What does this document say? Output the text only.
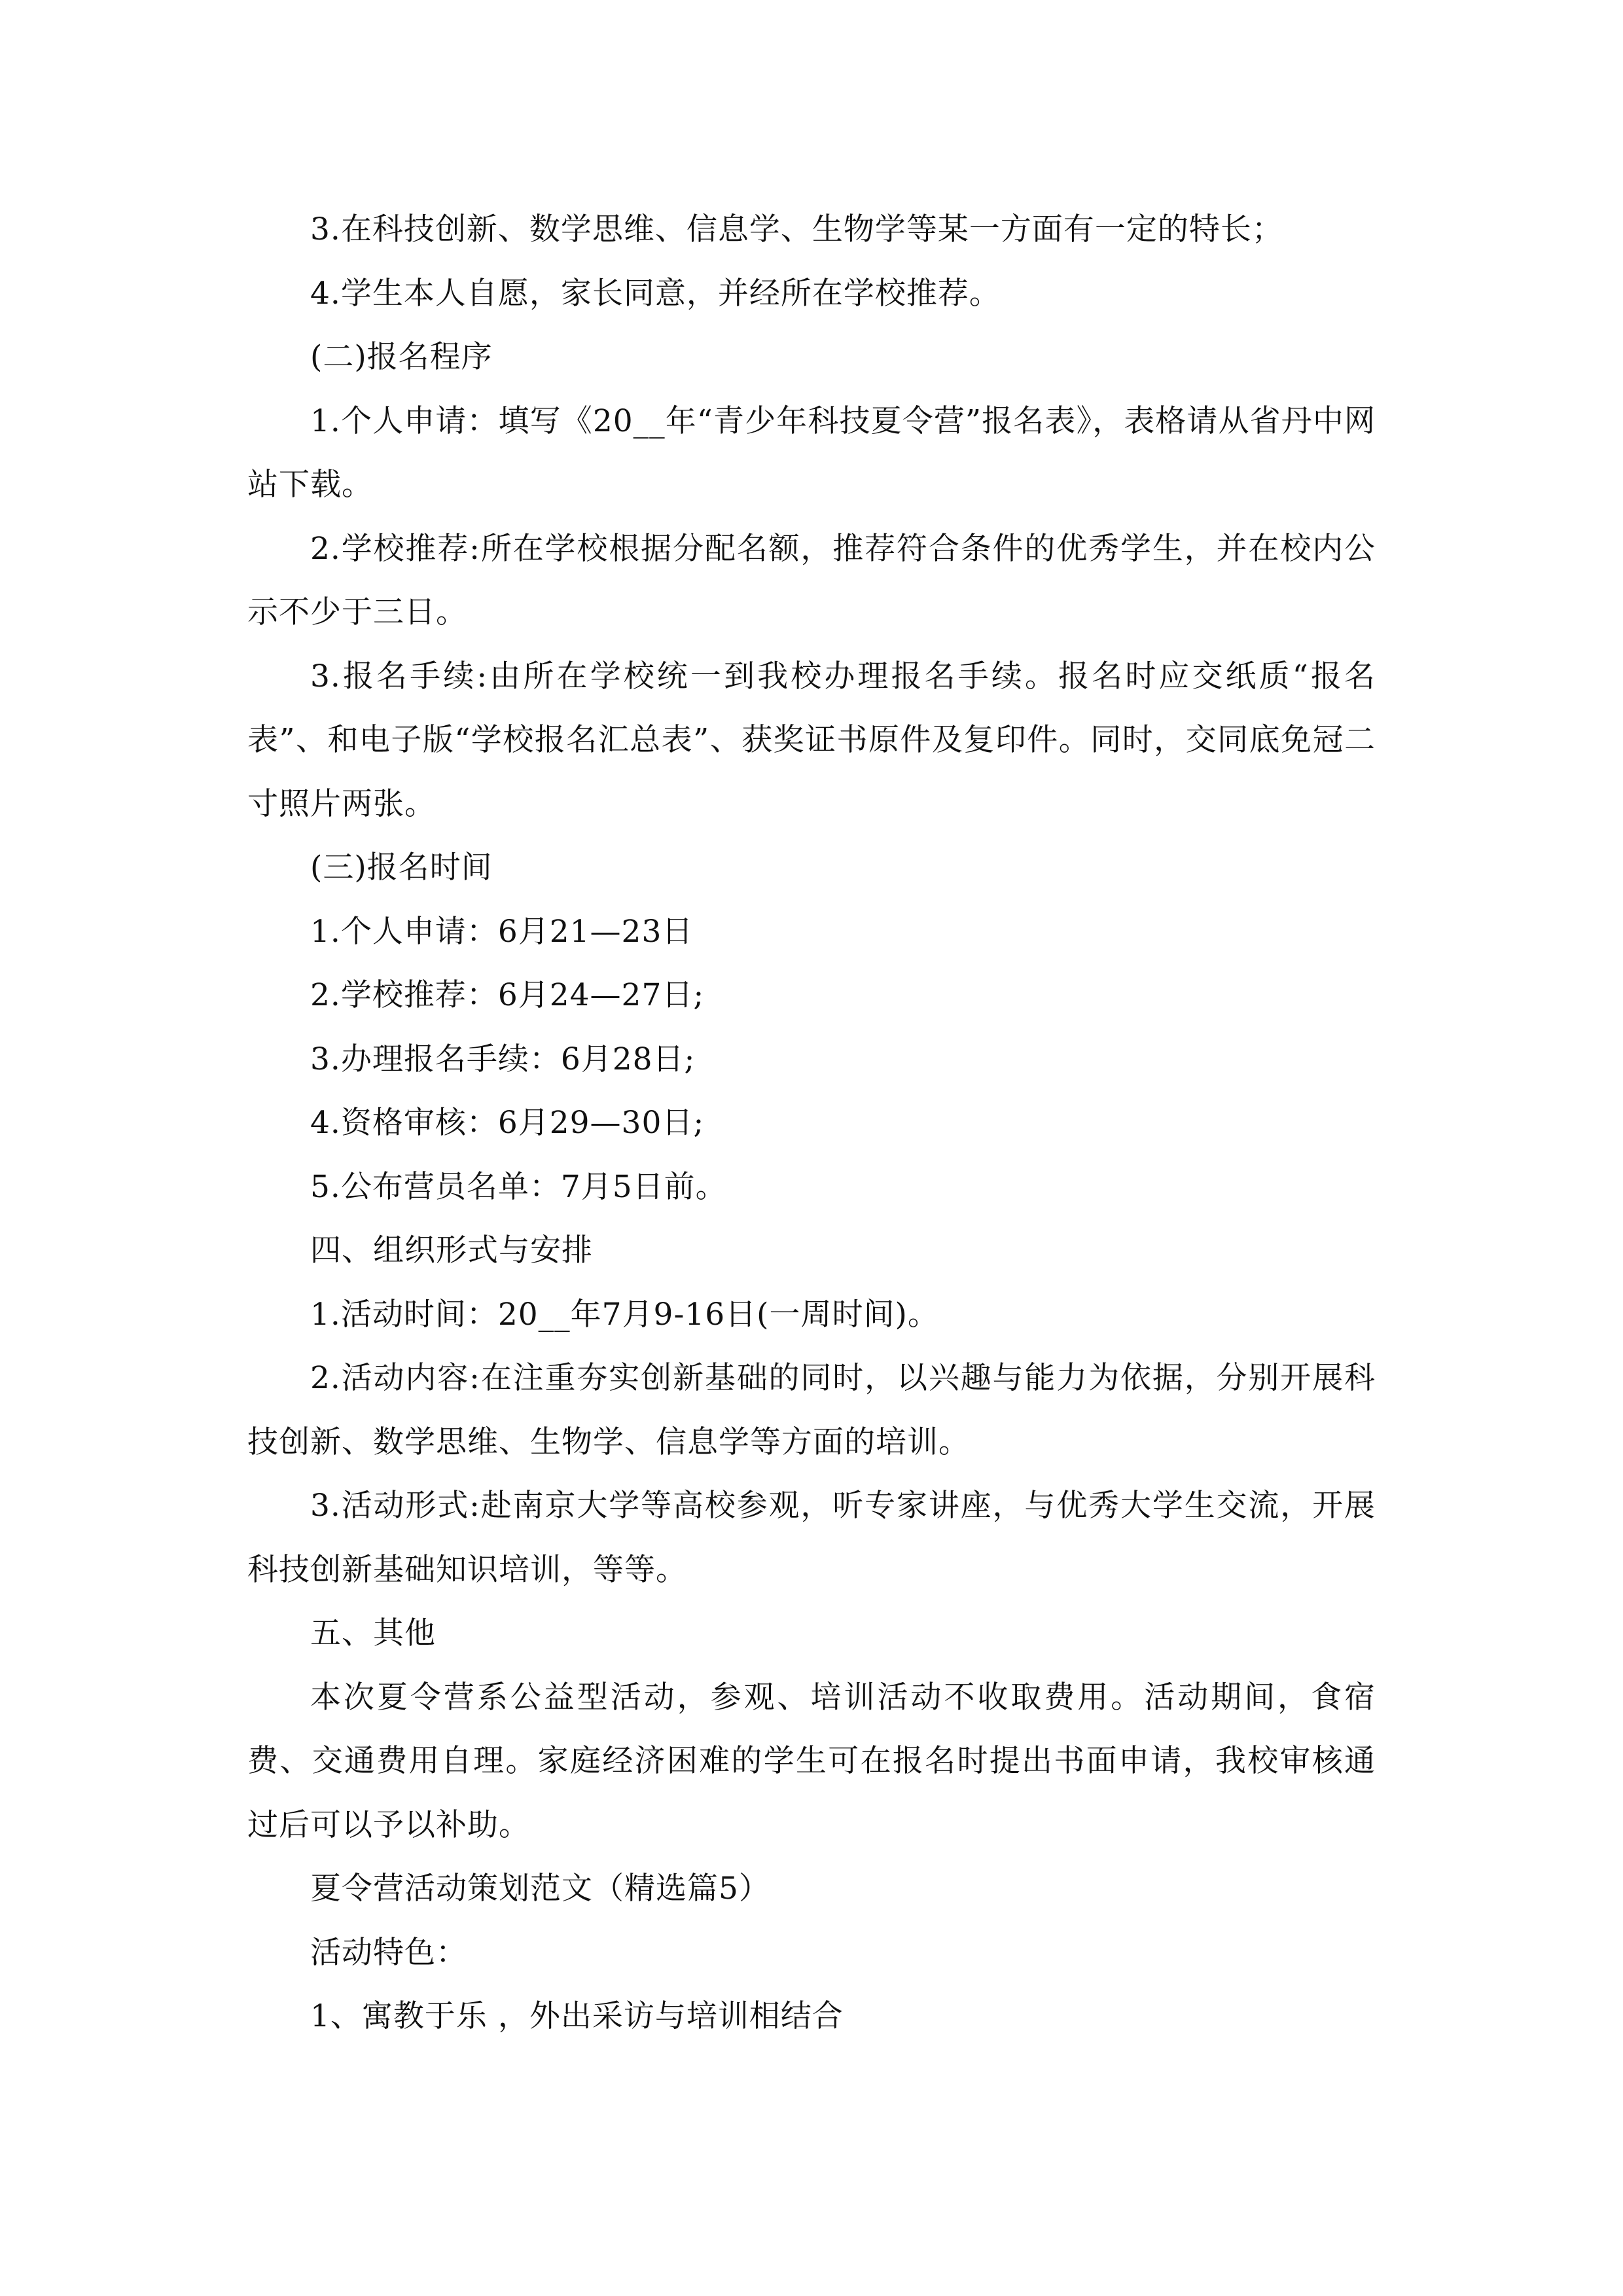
3.在科技创新、数学思维、信息学、生物学等某一方面有一定的特长；

4.学生本人自愿，家长同意，并经所在学校推荐。

(二)报名程序

1.个人申请：填写《20__年“青少年科技夏令营”报名表》，表格请从省丹中网站下载。

2.学校推荐:所在学校根据分配名额，推荐符合条件的优秀学生，并在校内公示不少于三日。

3.报名手续:由所在学校统一到我校办理报名手续。报名时应交纸质“报名表”、和电子版“学校报名汇总表”、获奖证书原件及复印件。同时，交同底免冠二寸照片两张。

(三)报名时间

1.个人申请：6月21—23日

2.学校推荐：6月24—27日;

3.办理报名手续：6月28日;

4.资格审核：6月29—30日;

5.公布营员名单：7月5日前。

四、组织形式与安排

1.活动时间：20__年7月9-16日(一周时间)。

2.活动内容:在注重夯实创新基础的同时，以兴趣与能力为依据，分别开展科技创新、数学思维、生物学、信息学等方面的培训。

3.活动形式:赴南京大学等高校参观，听专家讲座，与优秀大学生交流，开展科技创新基础知识培训，等等。

五、其他

本次夏令营系公益型活动，参观、培训活动不收取费用。活动期间，食宿费、交通费用自理。家庭经济困难的学生可在报名时提出书面申请，我校审核通过后可以予以补助。

夏令营活动策划范文（精选篇5）

活动特色：

1、寓教于乐 ，外出采访与培训相结合
